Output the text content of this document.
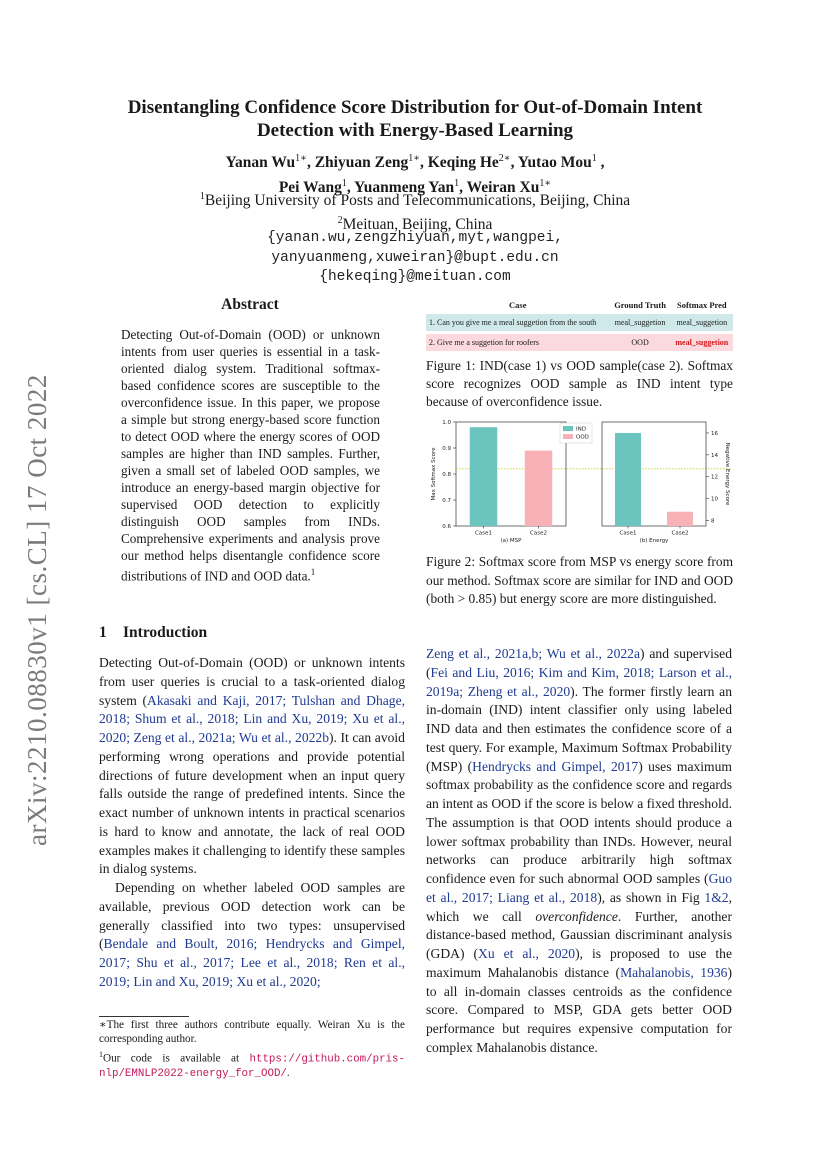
arXiv:2210.08830v1 [cs.CL] 17 Oct 2022
Disentangling Confidence Score Distribution for Out-of-Domain Intent Detection with Energy-Based Learning
Yanan $Wu^{1∗}$, Zhiyuan Zeng$^{1∗}$, Keqing $He^{2∗}$, Yutao Mou$^1$ ,
Pei Wang$^1$, Yuanmeng Yan$^1$, Weiran $Xu^{1∗}$
$^1$Beijing University of Posts and Telecommunications, Beijing, China
$^2$Meituan, Beijing, China
{yanan.wu,zengzhiyuan,myt,wangpei,
yanyuanmeng,xuweiran}@bupt.edu.cn
{hekeqing}@meituan.com
Abstract
Detecting Out-of-Domain (OOD) or unknown intents from user queries is essential in a task-oriented dialog system. Traditional softmax-based confidence scores are susceptible to the overconfidence issue. In this paper, we propose a simple but strong energy-based score function to detect OOD where the energy scores of OOD samples are higher than IND samples. Further, given a small set of labeled OOD samples, we introduce an energy-based margin objective for supervised OOD detection to explicitly distinguish OOD samples from INDs. Comprehensive experiments and analysis prove our method helps disentangle confidence score distributions of IND and OOD data.$^1$
1 Introduction

Detecting Out-of-Domain (OOD) or unknown intents from user queries is crucial to a task-oriented dialog system (Akasaki and Kaji, 2017; Tulshan and Dhage, 2018; Shum et al., 2018; Lin and Xu, 2019; Xu et al., 2020; Zeng et al., 2021a; Wu et al., 2022b). It can avoid performing wrong operations and provide potential directions of future development when an input query falls outside the range of predefined intents. Since the exact number of unknown intents in practical scenarios is hard to know and annotate, the lack of real OOD examples makes it challenging to identify these samples in dialog systems.

Depending on whether labeled OOD samples are available, previous OOD detection work can be generally classified into two types: unsupervised (Bendale and Boult, 2016; Hendrycks and Gimpel, 2017; Shu et al., 2017; Lee et al., 2018; Ren et al., 2019; Lin and Xu, 2019; Xu et al., 2020;

∗The first three authors contribute equally. Weiran Xu is the corresponding author.
$^1$Our code is available at https://github.com/pris-nlp/EMNLP2022-energy_for_OOD/.
Case	Ground Truth	Softmax Pred
1. Can you give me a meal suggetion from the south	meal_suggetion	meal_suggetion
2. Give me a suggetion for roofers	OOD	meal_suggetion
Figure 1: IND(case 1) vs OOD sample(case 2). Softmax score recognizes OOD sample as IND intent type because of overconfidence issue.
0.6
0.7
0.8
0.9
1.0
Max Softmax Score
Case1	Case2
(a) MSP
8
10
12
14
16
Negative Energy Score
Case1	Case2
(b) Energy
IND
OOD
Figure 2: Softmax score from MSP vs energy score from our method. Softmax score are similar for IND and OOD (both > 0.85) but energy score are more distinguished.

Zeng et al., 2021a,b; Wu et al., 2022a) and supervised (Fei and Liu, 2016; Kim and Kim, 2018; Larson et al., 2019a; Zheng et al., 2020). The former firstly learn an in-domain (IND) intent classifier only using labeled IND data and then estimates the confidence score of a test query. For example, Maximum Softmax Probability (MSP) (Hendrycks and Gimpel, 2017) uses maximum softmax probability as the confidence score and regards an intent as OOD if the score is below a fixed threshold. The assumption is that OOD intents should produce a lower softmax probability than INDs. However, neural networks can produce arbitrarily high softmax confidence even for such abnormal OOD samples (Guo et al., 2017; Liang et al., 2018), as shown in Fig 1&2, which we call overconfidence. Further, another distance-based method, Gaussian discriminant analysis (GDA) (Xu et al., 2020), is proposed to use the maximum Mahalanobis distance (Mahalanobis, 1936) to all in-domain classes centroids as the confidence score. Compared to MSP, GDA gets better OOD performance but requires expensive computation for complex Mahalanobis distance.
